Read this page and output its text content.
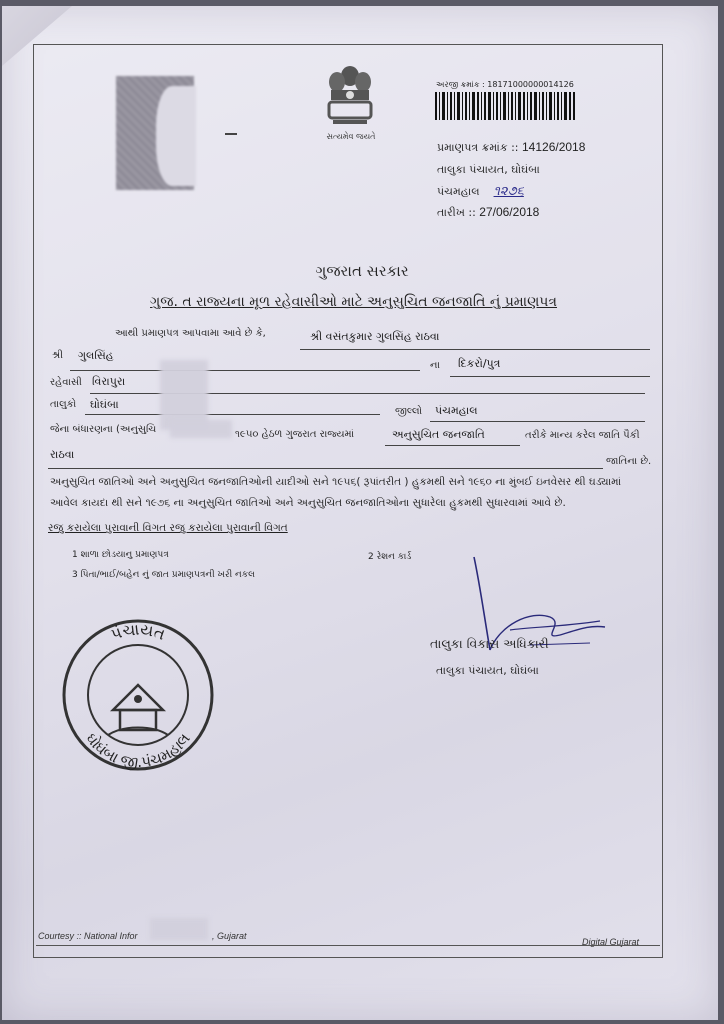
સત્યમેવ જયતે
અરજી ક્રમાંક : 18171000000014126
પ્રમાણપત્ર ક્રમાંક :: 14126/2018
તાલુકા પંચાયત, ઘોઘંબા
પંચમહાલ ૧૨૭૬
તારીખ :: 27/06/2018
ગુજરાત સરકાર
ગુજ. ત રાજ્યના મૂળ રહેવાસીઓ માટે અનુસુચિત જનજાતિ નું પ્રમાણપત્ર
આથી પ્રમાણપત્ર આપવામા આવે છે કે,	શ્રી વસંતકુમાર ગુલસિંહ રાઠવા
શ્રી ગુલસિંહ
ના દિકરો/પુત્ર
રહેવાસી વિરાપુરા
તાલુકો ઘોઘંબા
જીલ્લો પંચમહાલ
જેના બંધારણના (અનુસુચિ	૧૯૫૦ હેઠળ ગુજરાત રાજ્યમાં	અનુસુચિત જનજાતિ	તરીકે માન્ય કરેલ જાતિ પૈકી
રાઠવા
જાતિના છે.
અનુસુચિત જાતિઓ અને અનુસુચિત જનજાતિઓની યાદીઓ સને ૧૯૫૬( રૂપાંતરીત ) હુકમથી સને ૧૯૬૦ ના મુંબઈ ઇનવેસર થી ઘડ્યામાં આવેલ કાયદા થી સને ૧૯૭૬ ના અનુસુચિત જાતિઓ અને અનુસુચિત જનજાતિઓના સુધારેલા હુકમથી સુધારવામાં આવે છે.
રજુ કરાયેલા પુરાવાની વિગત રજુ કરાયેલા પુરાવાની વિગત
1 શાળા છોડયાનુ પ્રમાણપત્ર	2 રેશન કાર્ડ
3 પિતા/ભાઈ/બહેન નું જાત પ્રમાણપત્રની ખરી નકલ
તાલુકા વિકાસ અધિકારી
તાલુકા પંચાયત, ઘોઘંબા
પંચાયત
ઘોઘંબા જી.પંચમહાલ
Courtesy :: National Infor	, Gujarat
Digital Gujarat
